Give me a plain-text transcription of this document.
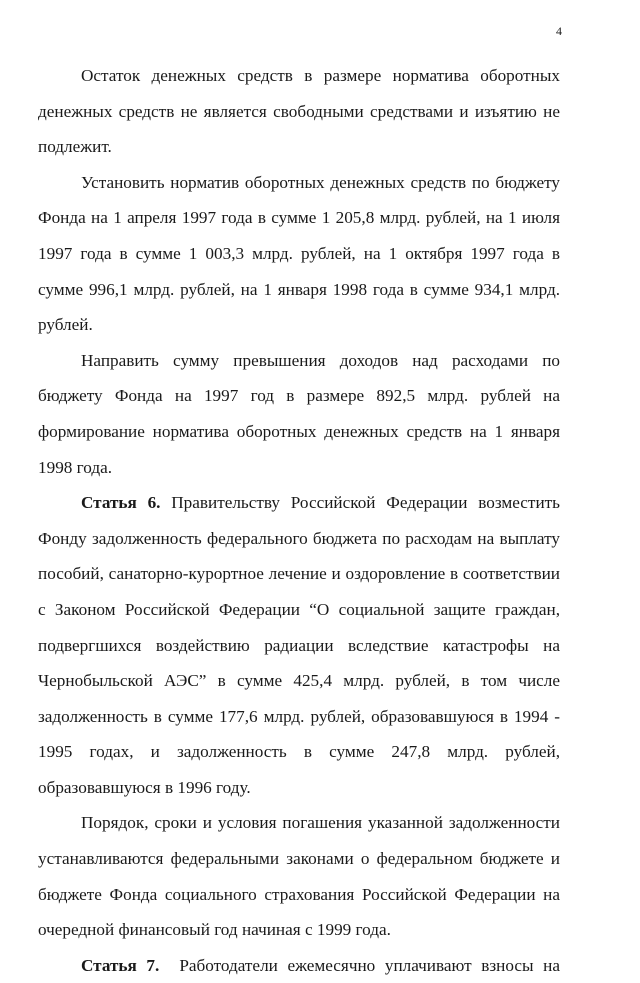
4

Остаток денежных средств в размере норматива оборотных денежных средств не является свободными средствами и изъятию не подлежит.

Установить норматив оборотных денежных средств по бюджету Фонда на 1 апреля 1997 года в сумме 1 205,8 млрд. рублей, на 1 июля 1997 года в сумме 1 003,3 млрд. рублей, на 1 октября 1997 года в сумме 996,1 млрд. рублей, на 1 января 1998 года в сумме 934,1 млрд. рублей.

Направить сумму превышения доходов над расходами по бюджету Фонда на 1997 год в размере 892,5 млрд. рублей на формирование норматива оборотных денежных средств на 1 января 1998 года.

Статья 6. Правительству Российской Федерации возместить Фонду задолженность федерального бюджета по расходам на выплату пособий, санаторно-курортное лечение и оздоровление в соответствии с Законом Российской Федерации “О социальной защите граждан, подвергшихся воздействию радиации вследствие катастрофы на Чернобыльской АЭС” в сумме 425,4 млрд. рублей, в том числе задолженность в сумме 177,6 млрд. рублей, образовавшуюся в 1994 - 1995 годах, и задолженность в сумме 247,8 млрд. рублей, образовавшуюся в 1996 году.

Порядок, сроки и условия погашения указанной задолженности устанавливаются федеральными законами о федеральном бюджете и бюджете Фонда социального страхования Российской Федерации на очередной финансовый год начиная с 1999 года.

Статья 7. Работодатели ежемесячно уплачивают взносы на
